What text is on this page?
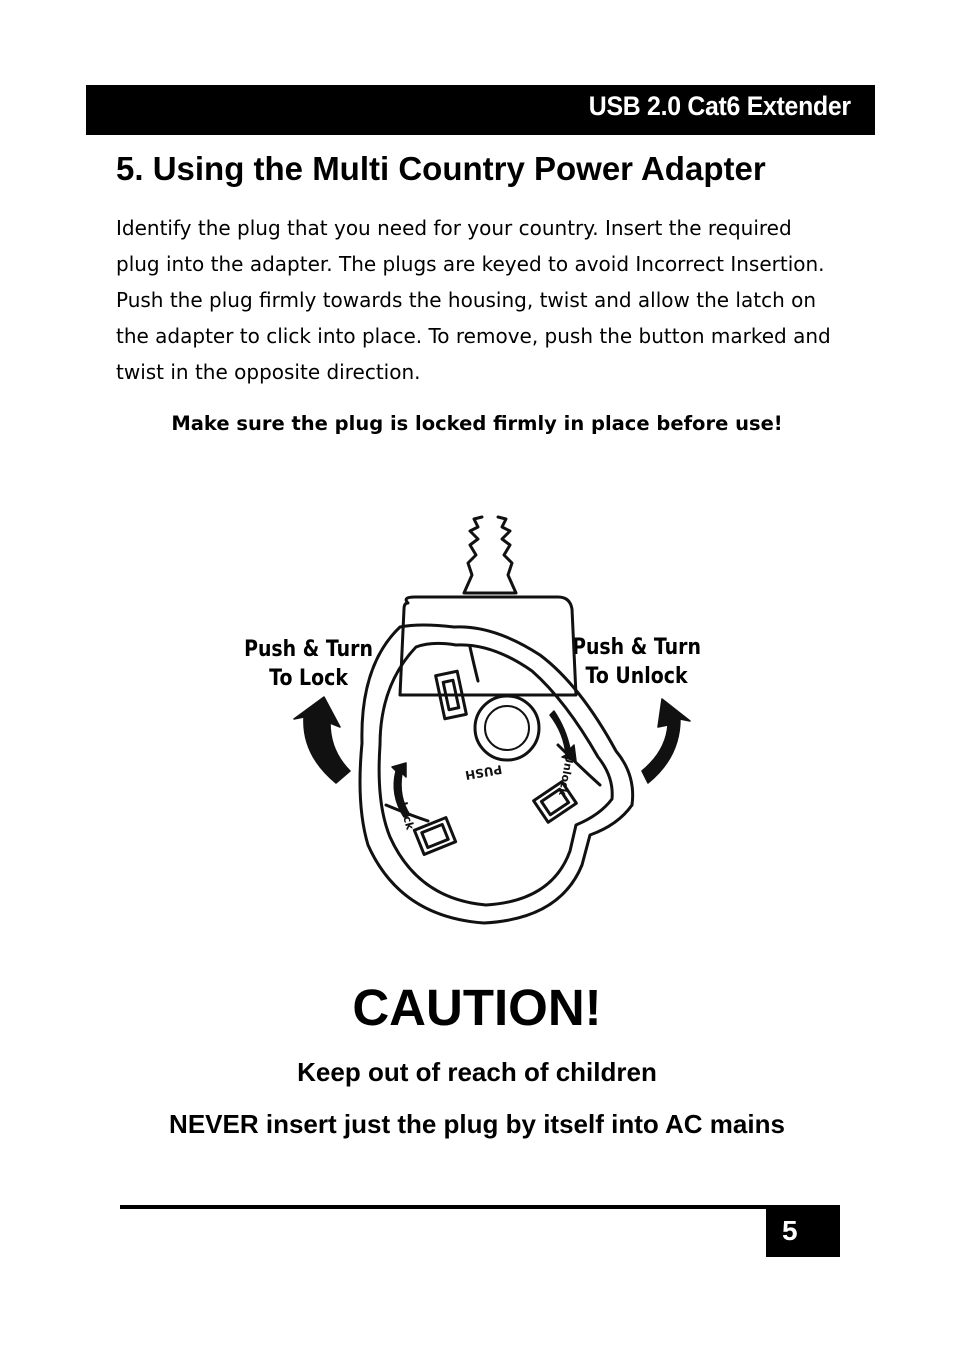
USB 2.0 Cat6 Extender
5. Using the Multi Country Power Adapter

Identify the plug that you need for your country. Insert the required plug into the adapter. The plugs are keyed to avoid Incorrect Insertion. Push the plug firmly towards the housing, twist and allow the latch on the adapter to click into place. To remove, push the button marked and twist in the opposite direction.

Make sure the plug is locked firmly in place before use!
Push & Turn
To Lock
Push & Turn
To Unlock
PUSH
Lock
Unlock
CAUTION!
Keep out of reach of children
NEVER insert just the plug by itself into AC mains
5
